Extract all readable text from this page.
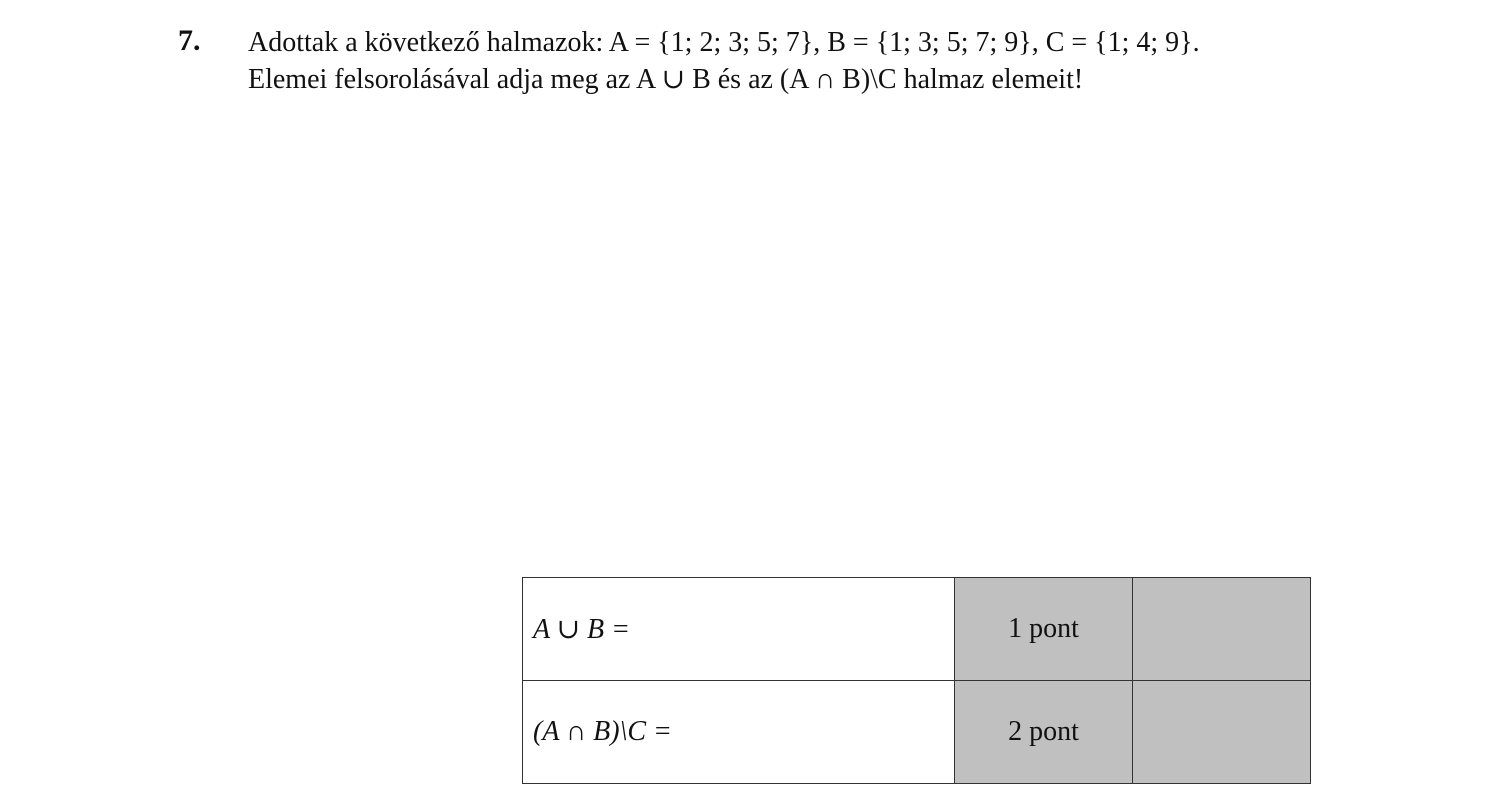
7. Adottak a következő halmazok: A = {1; 2; 3; 5; 7}, B = {1; 3; 5; 7; 9}, C = {1; 4; 9}.
Elemei felsorolásával adja meg az A ∪ B és az (A ∩ B)\C halmaz elemeit!
A ∪ B =	1 pont	
(A ∩ B)\C =	2 pont	
